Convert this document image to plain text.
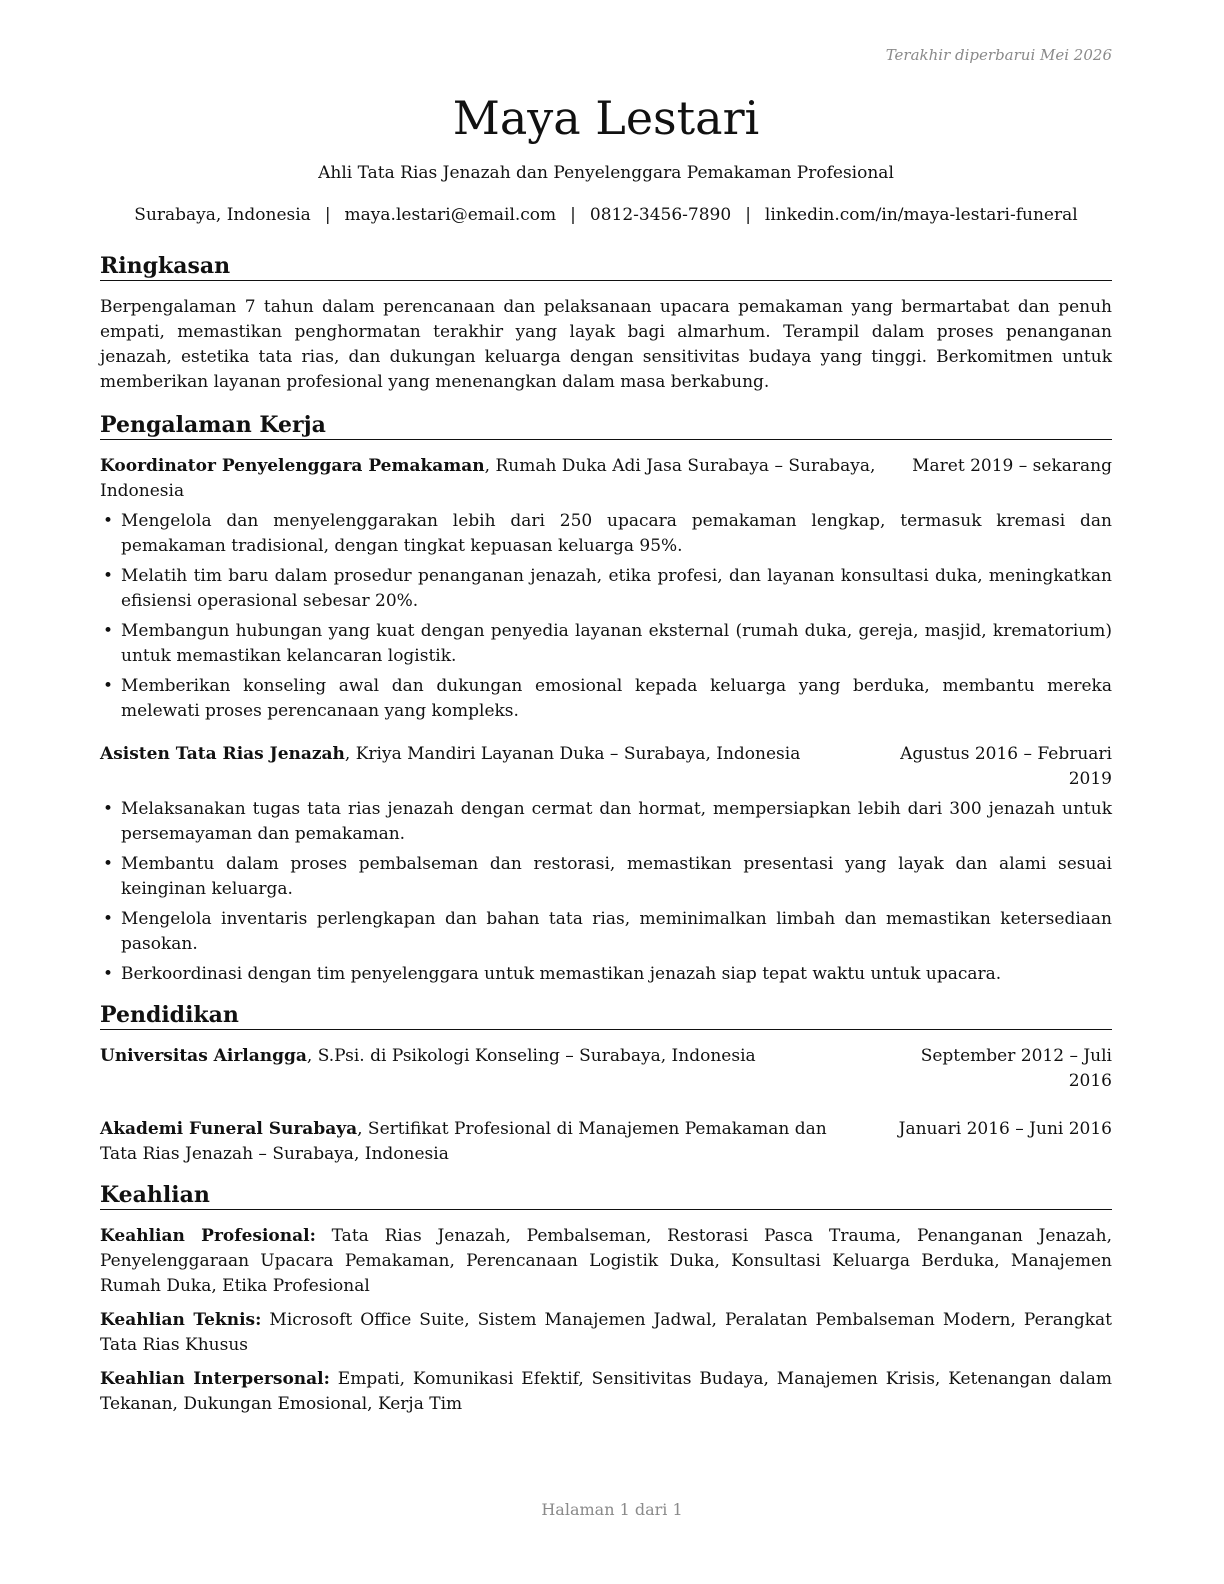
Terakhir diperbarui Mei 2026
Maya Lestari
Ahli Tata Rias Jenazah dan Penyelenggara Pemakaman Profesional
Surabaya, Indonesia | maya.lestari@email.com | 0812-3456-7890 | linkedin.com/in/maya-lestari-funeral
Ringkasan
Berpengalaman 7 tahun dalam perencanaan dan pelaksanaan upacara pemakaman yang bermartabat dan penuh empati, memastikan penghormatan terakhir yang layak bagi almarhum. Terampil dalam proses penanganan jenazah, estetika tata rias, dan dukungan keluarga dengan sensitivitas budaya yang tinggi. Berkomitmen untuk memberikan layanan profesional yang menenangkan dalam masa berkabung.
Pengalaman Kerja
Koordinator Penyelenggara Pemakaman, Rumah Duka Adi Jasa Surabaya – Surabaya, Indonesia
Maret 2019 – sekarang
• Mengelola dan menyelenggarakan lebih dari 250 upacara pemakaman lengkap, termasuk kremasi dan pemakaman tradisional, dengan tingkat kepuasan keluarga 95%.
• Melatih tim baru dalam prosedur penanganan jenazah, etika profesi, dan layanan konsultasi duka, meningkatkan efisiensi operasional sebesar 20%.
• Membangun hubungan yang kuat dengan penyedia layanan eksternal (rumah duka, gereja, masjid, krematorium) untuk memastikan kelancaran logistik.
• Memberikan konseling awal dan dukungan emosional kepada keluarga yang berduka, membantu mereka melewati proses perencanaan yang kompleks.
Asisten Tata Rias Jenazah, Kriya Mandiri Layanan Duka – Surabaya, Indonesia	Agustus 2016 – Februari 2019
• Melaksanakan tugas tata rias jenazah dengan cermat dan hormat, mempersiapkan lebih dari 300 jenazah untuk persemayaman dan pemakaman.
• Membantu dalam proses pembalseman dan restorasi, memastikan presentasi yang layak dan alami sesuai keinginan keluarga.
• Mengelola inventaris perlengkapan dan bahan tata rias, meminimalkan limbah dan memastikan ketersediaan pasokan.
• Berkoordinasi dengan tim penyelenggara untuk memastikan jenazah siap tepat waktu untuk upacara.
Pendidikan
Universitas Airlangga, S.Psi. di Psikologi Konseling – Surabaya, Indonesia	September 2012 – Juli 2016
Akademi Funeral Surabaya, Sertifikat Profesional di Manajemen Pemakaman dan Tata Rias Jenazah – Surabaya, Indonesia
Januari 2016 – Juni 2016
Keahlian
Keahlian Profesional: Tata Rias Jenazah, Pembalseman, Restorasi Pasca Trauma, Penanganan Jenazah, Penyelenggaraan Upacara Pemakaman, Perencanaan Logistik Duka, Konsultasi Keluarga Berduka, Manajemen Rumah Duka, Etika Profesional
Keahlian Teknis: Microsoft Office Suite, Sistem Manajemen Jadwal, Peralatan Pembalseman Modern, Perangkat Tata Rias Khusus
Keahlian Interpersonal: Empati, Komunikasi Efektif, Sensitivitas Budaya, Manajemen Krisis, Ketenangan dalam Tekanan, Dukungan Emosional, Kerja Tim
Halaman 1 dari 1
